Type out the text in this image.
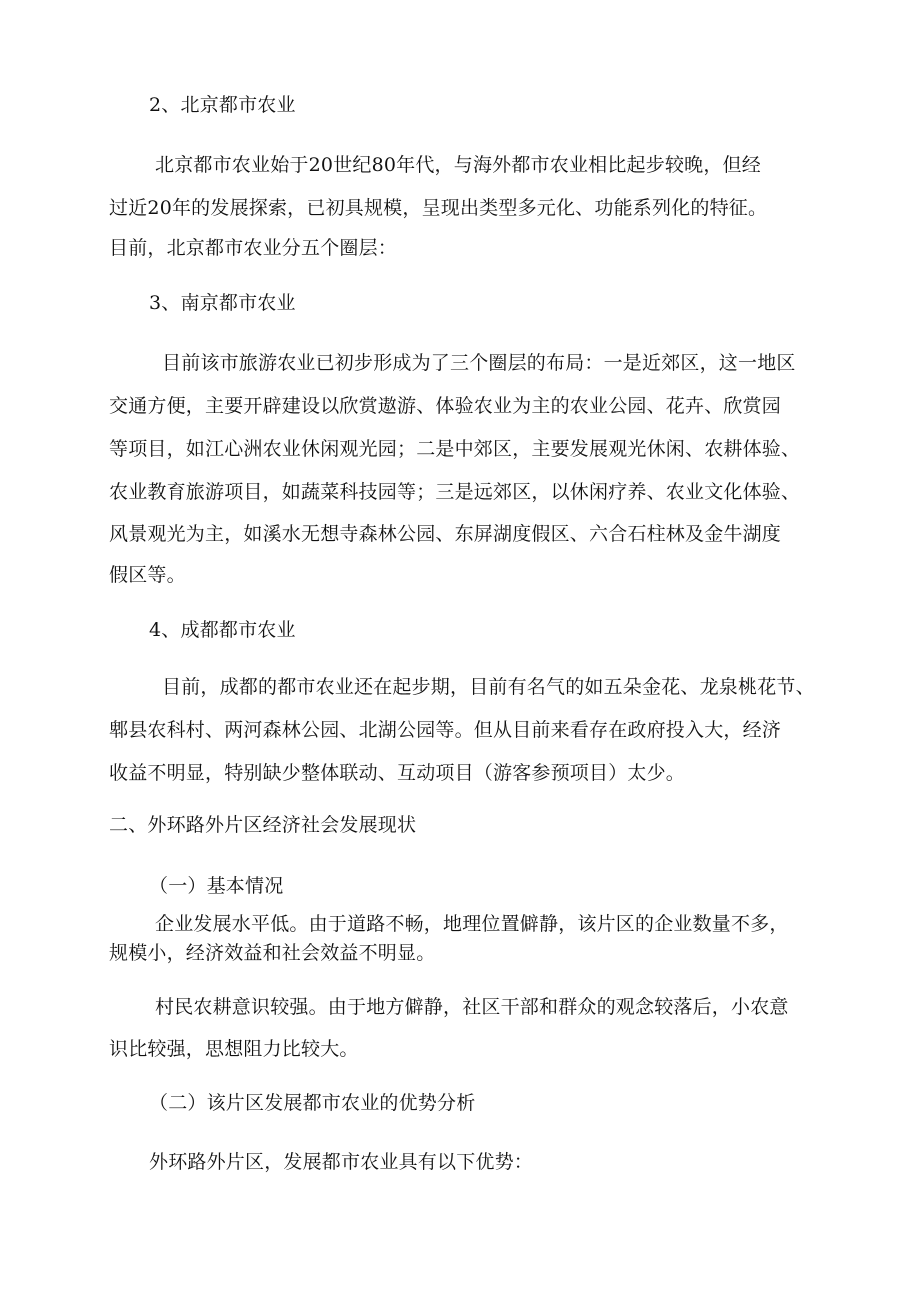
2、北京都市农业
北京都市农业始于20世纪80年代，与海外都市农业相比起步较晚，但经
过近20年的发展探索，已初具规模，呈现出类型多元化、功能系列化的特征。
目前，北京都市农业分五个圈层：
3、南京都市农业
目前该市旅游农业已初步形成为了三个圈层的布局：一是近郊区，这一地区
交通方便，主要开辟建设以欣赏遨游、体验农业为主的农业公园、花卉、欣赏园
等项目，如江心洲农业休闲观光园；二是中郊区，主要发展观光休闲、农耕体验、
农业教育旅游项目，如蔬菜科技园等；三是远郊区，以休闲疗养、农业文化体验、
风景观光为主，如溪水无想寺森林公园、东屏湖度假区、六合石柱林及金牛湖度
假区等。
4、成都都市农业
目前，成都的都市农业还在起步期，目前有名气的如五朵金花、龙泉桃花节、
郫县农科村、两河森林公园、北湖公园等。但从目前来看存在政府投入大，经济
收益不明显，特别缺少整体联动、互动项目（游客参预项目）太少。
二、外环路外片区经济社会发展现状
（一）基本情况
企业发展水平低。由于道路不畅，地理位置僻静，该片区的企业数量不多，
规模小，经济效益和社会效益不明显。
村民农耕意识较强。由于地方僻静，社区干部和群众的观念较落后，小农意
识比较强，思想阻力比较大。
（二）该片区发展都市农业的优势分析
外环路外片区，发展都市农业具有以下优势：
